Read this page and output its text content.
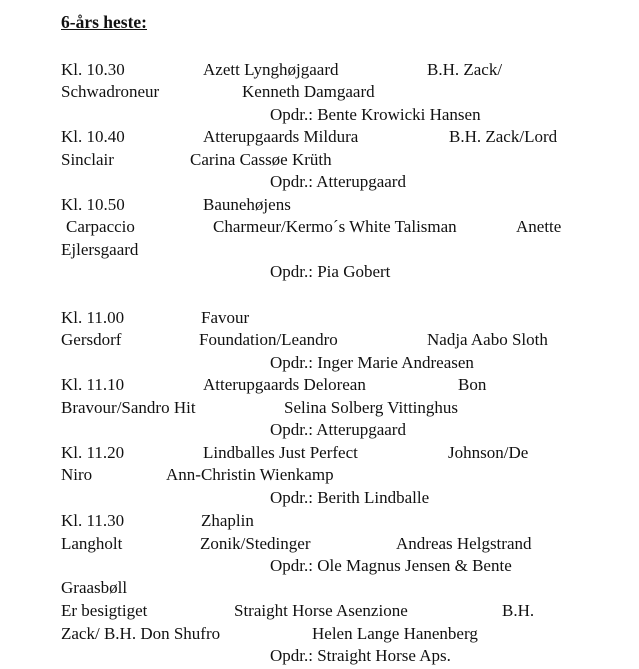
6-års heste:
Kl. 10.30	Azett Lynghøjgaard	B.H. Zack/
Schwadroneur	Kenneth Damgaard
Opdr.: Bente Krowicki Hansen
Kl. 10.40	Atterupgaards Mildura	B.H. Zack/Lord
Sinclair	Carina Cassøe Krüth
Opdr.: Atterupgaard
Kl. 10.50	Baunehøjens
Carpaccio	Charmeur/Kermo´s White Talisman	Anette
Ejlersgaard
Opdr.: Pia Gobert
Kl. 11.00	Favour
Gersdorf	Foundation/Leandro	Nadja Aabo Sloth
Opdr.: Inger Marie Andreasen
Kl. 11.10	Atterupgaards Delorean	Bon
Bravour/Sandro Hit	Selina Solberg Vittinghus
Opdr.: Atterupgaard
Kl. 11.20	Lindballes Just Perfect	Johnson/De
Niro	Ann-Christin Wienkamp
Opdr.: Berith Lindballe
Kl. 11.30	Zhaplin
Langholt	Zonik/Stedinger	Andreas Helgstrand
Opdr.: Ole Magnus Jensen & Bente
Graasbøll
Er besigtiget	Straight Horse Asenzione	B.H.
Zack/ B.H. Don Shufro	Helen Lange Hanenberg
Opdr.: Straight Horse Aps.
